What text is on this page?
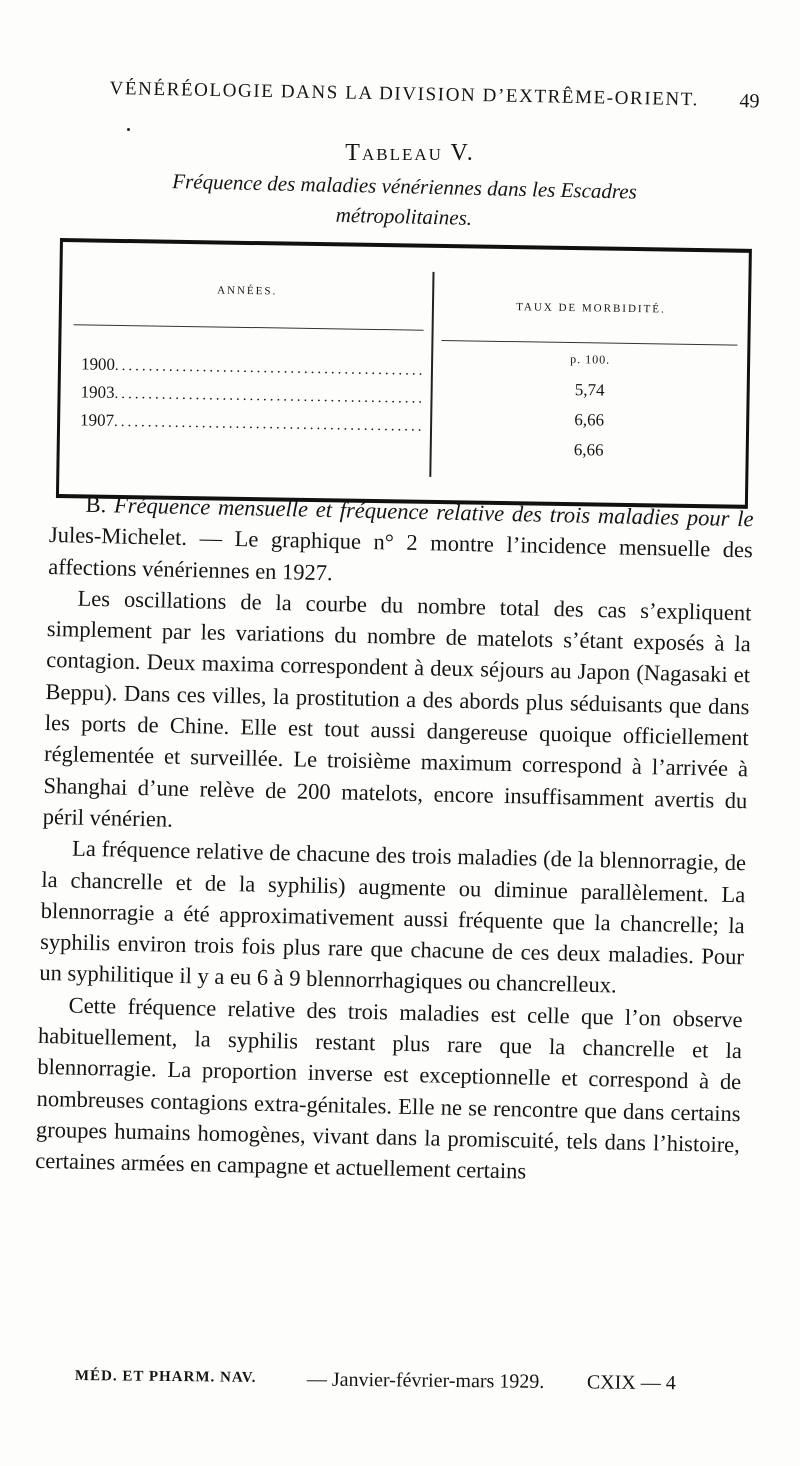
VÉNÉRÉOLOGIE DANS LA DIVISION D’EXTRÊME-ORIENT. 49
Tableau V.
Fréquence des maladies vénériennes dans les Escadres métropolitaines.
ANNÉES.
TAUX DE MORBIDITÉ.
p. 100.
1900..............................................
1903..............................................
1907..............................................
5,74
6,66
6,66

B. Fréquence mensuelle et fréquence relative des trois maladies pour le Jules-Michelet. — Le graphique n° 2 montre l’incidence mensuelle des affections vénériennes en 1927.

Les oscillations de la courbe du nombre total des cas s’expliquent simplement par les variations du nombre de matelots s’étant exposés à la contagion. Deux maxima correspondent à deux séjours au Japon (Nagasaki et Beppu). Dans ces villes, la prostitution a des abords plus séduisants que dans les ports de Chine. Elle est tout aussi dangereuse quoique officiellement réglementée et surveillée. Le troisième maximum correspond à l’arrivée à Shanghai d’une relève de 200 matelots, encore insuffisamment avertis du péril vénérien.

La fréquence relative de chacune des trois maladies (de la blennorragie, de la chancrelle et de la syphilis) augmente ou diminue parallèlement. La blennorragie a été approximativement aussi fréquente que la chancrelle; la syphilis environ trois fois plus rare que chacune de ces deux maladies. Pour un syphilitique il y a eu 6 à 9 blennorrhagiques ou chancrelleux.

Cette fréquence relative des trois maladies est celle que l’on observe habituellement, la syphilis restant plus rare que la chancrelle et la blennorragie. La proportion inverse est exceptionnelle et correspond à de nombreuses contagions extra-génitales. Elle ne se rencontre que dans certains groupes humains homogènes, vivant dans la promiscuité, tels dans l’histoire, certaines armées en campagne et actuellement certains

MÉD. ET PHARM. NAV.	— Janvier-février-mars 1929. CXIX — 4
